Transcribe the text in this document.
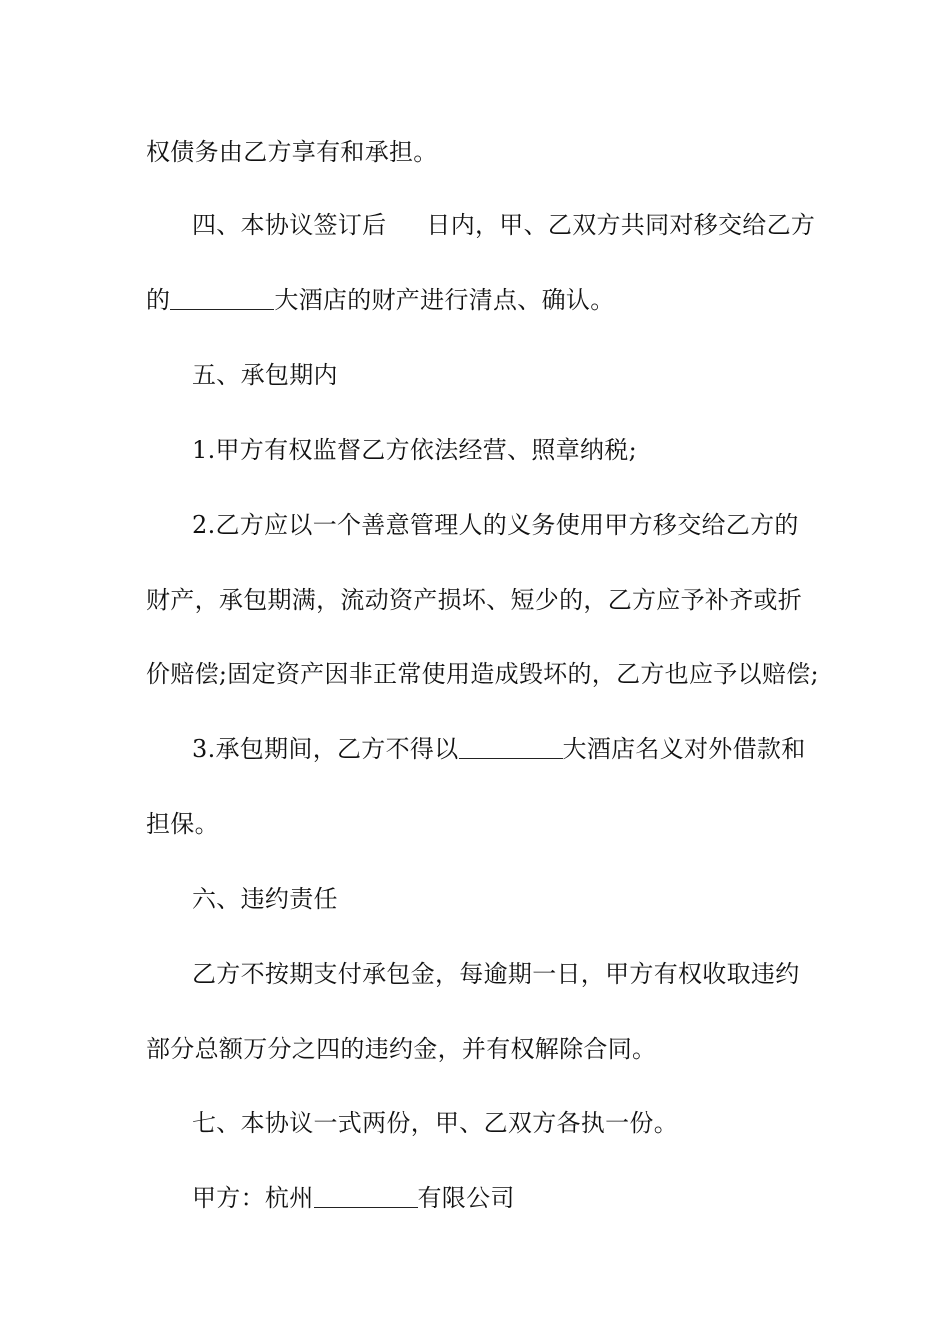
权债务由乙方享有和承担。
四、本协议签订后 日内，甲、乙双方共同对移交给乙方
的	大酒店的财产进行清点、确认。
五、承包期内
1.甲方有权监督乙方依法经营、照章纳税;
2.乙方应以一个善意管理人的义务使用甲方移交给乙方的
财产，承包期满，流动资产损坏、短少的，乙方应予补齐或折
价赔偿;固定资产因非正常使用造成毁坏的，乙方也应予以赔偿;
3.承包期间，乙方不得以	大酒店名义对外借款和
担保。
六、违约责任
乙方不按期支付承包金，每逾期一日，甲方有权收取违约
部分总额万分之四的违约金，并有权解除合同。
七、本协议一式两份，甲、乙双方各执一份。
甲方：杭州	有限公司
